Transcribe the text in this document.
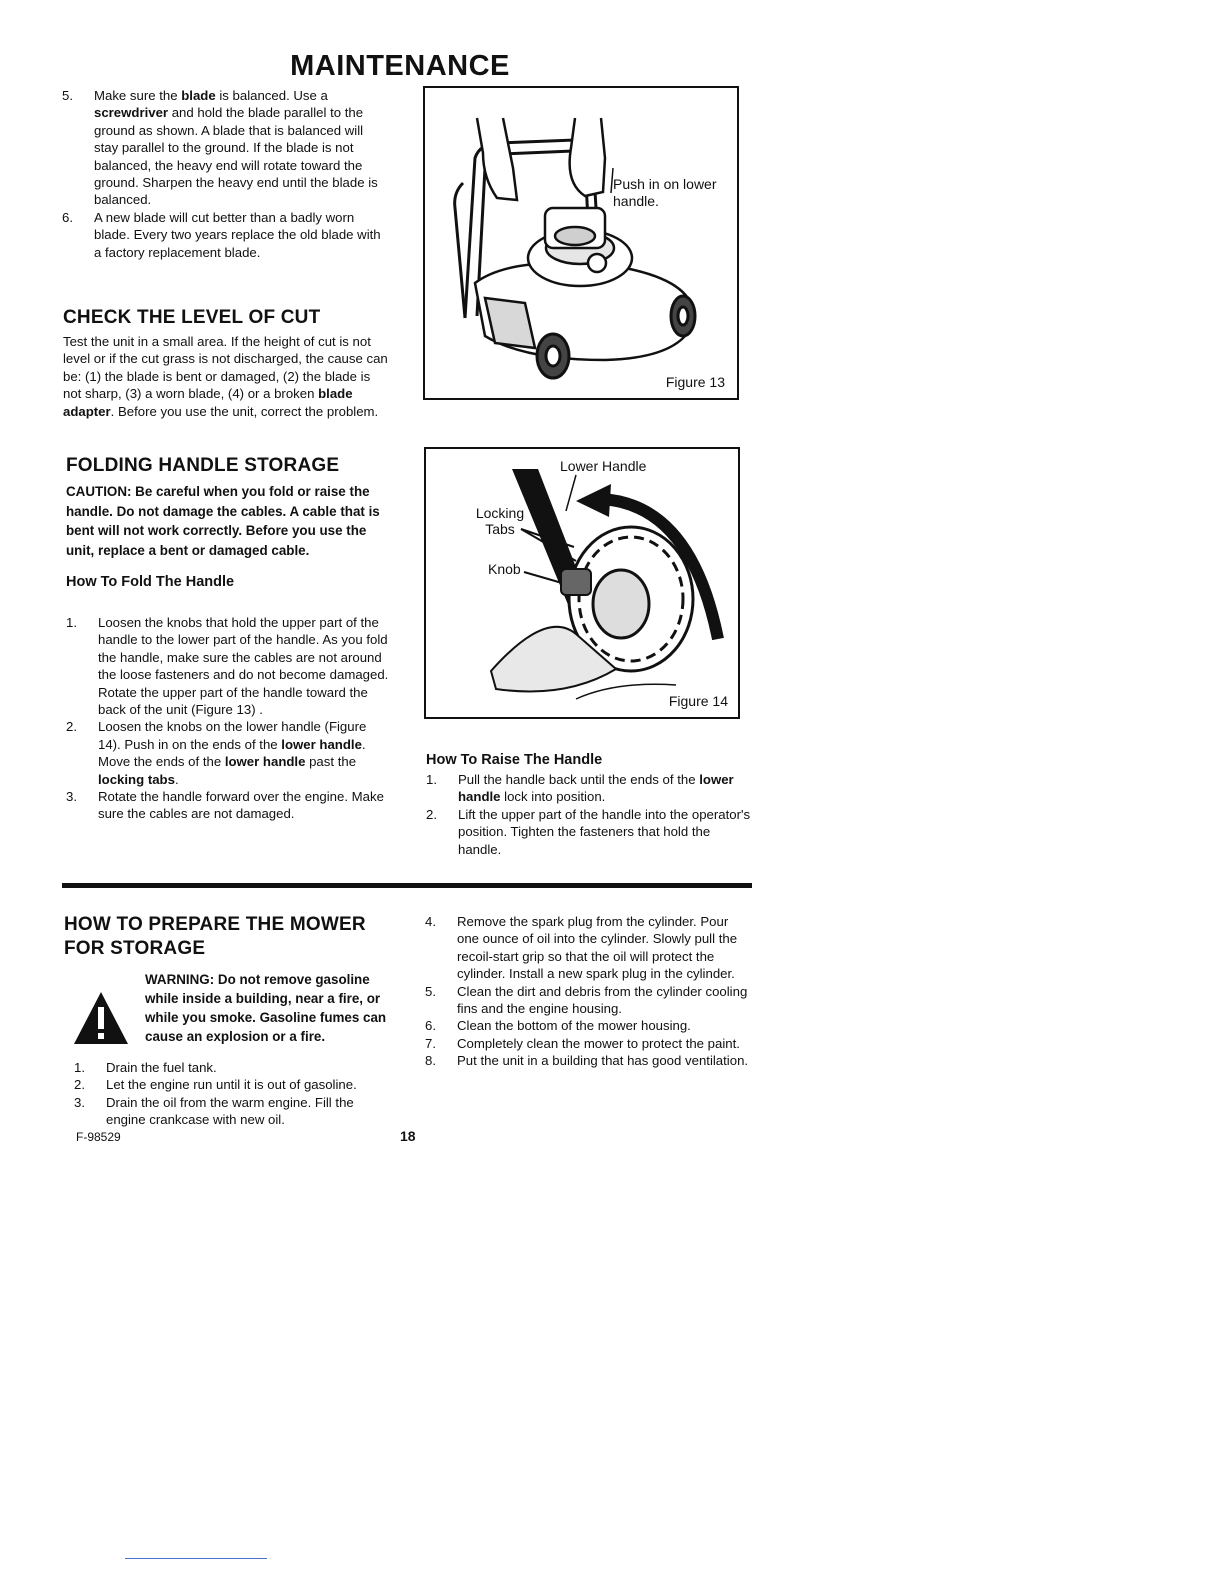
MAINTENANCE
5. Make sure the blade is balanced. Use a screwdriver and hold the blade parallel to the ground as shown. A blade that is balanced will stay parallel to the ground. If the blade is not balanced, the heavy end will rotate toward the ground. Sharpen the heavy end until the blade is balanced.
6. A new blade will cut better than a badly worn blade. Every two years replace the old blade with a factory replacement blade.
CHECK THE LEVEL OF CUT

Test the unit in a small area. If the height of cut is not level or if the cut grass is not discharged, the cause can be: (1) the blade is bent or damaged, (2) the blade is not sharp, (3) a worn blade, (4) or a broken blade adapter. Before you use the unit, correct the problem.

FOLDING HANDLE STORAGE

CAUTION: Be careful when you fold or raise the handle. Do not damage the cables. A cable that is bent will not work correctly. Before you use the unit, replace a bent or damaged cable.

How To Fold The Handle
1. Loosen the knobs that hold the upper part of the handle to the lower part of the handle. As you fold the handle, make sure the cables are not around the loose fasteners and do not become damaged. Rotate the upper part of the handle toward the back of the unit (Figure 13) .
2. Loosen the knobs on the lower handle (Figure 14). Push in on the ends of the lower handle. Move the ends of the lower handle past the locking tabs.
3. Rotate the handle forward over the engine. Make sure the cables are not damaged.
Push in on lower handle.
Figure 13
Lower Handle
Locking Tabs
Knob
Figure 14
How To Raise The Handle
1. Pull the handle back until the ends of the lower handle lock into position.
2. Lift the upper part of the handle into the operator's position. Tighten the fasteners that hold the handle.
HOW TO PREPARE THE MOWER FOR STORAGE

WARNING: Do not remove gasoline while inside a building, near a fire, or while you smoke. Gasoline fumes can cause an explosion or a fire.

1. Drain the fuel tank.
2. Let the engine run until it is out of gasoline.
3. Drain the oil from the warm engine. Fill the engine crankcase with new oil.
4. Remove the spark plug from the cylinder. Pour one ounce of oil into the cylinder. Slowly pull the recoil-start grip so that the oil will protect the cylinder. Install a new spark plug in the cylinder.
5. Clean the dirt and debris from the cylinder cooling fins and the engine housing.
6. Clean the bottom of the mower housing.
7. Completely clean the mower to protect the paint.
8. Put the unit in a building that has good ventilation.
F-98529	18
